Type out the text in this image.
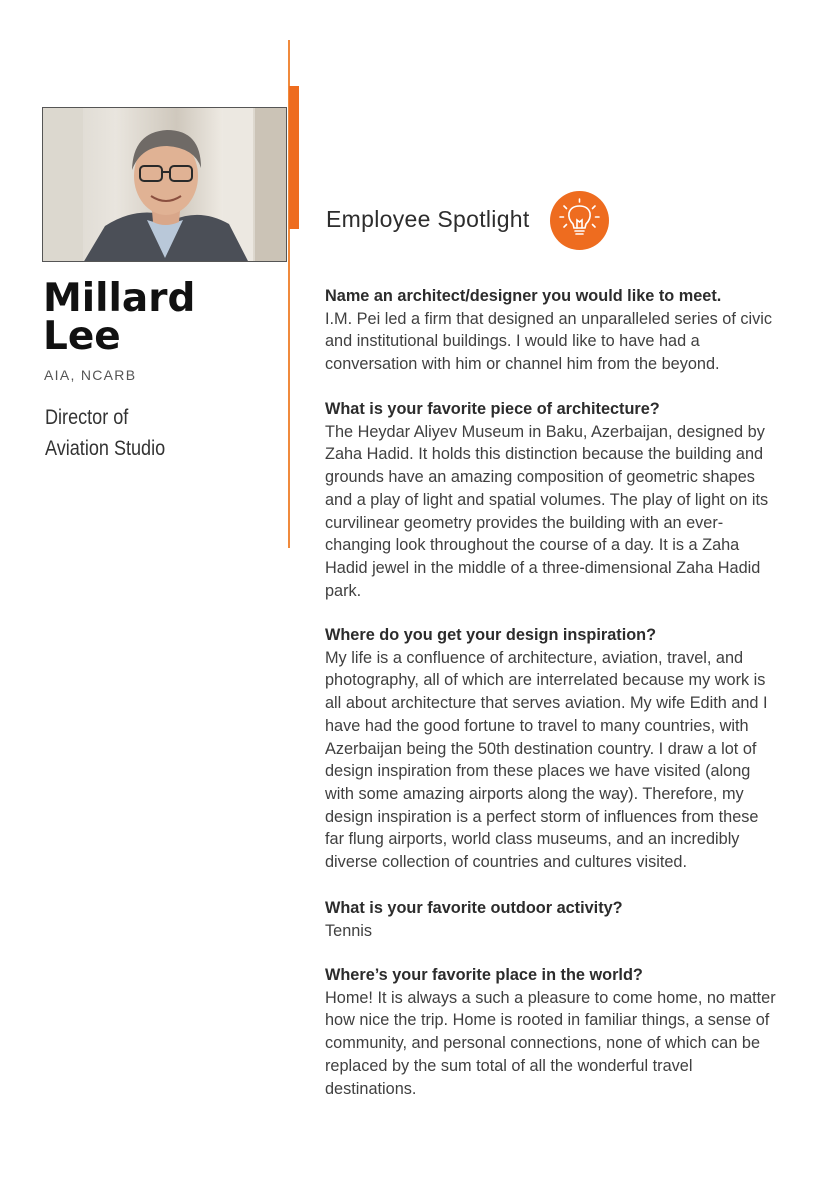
Millard
Lee
AIA, NCARB
Director of
Aviation Studio
Employee Spotlight
Name an architect/designer you would like to meet.
I.M. Pei led a firm that designed an unparalleled series of civic and institutional buildings. I would like to have had a conversation with him or channel him from the beyond.
What is your favorite piece of architecture?
The Heydar Aliyev Museum in Baku, Azerbaijan, designed by Zaha Hadid. It holds this distinction because the building and grounds have an amazing composition of geometric shapes and a play of light and spatial volumes. The play of light on its curvilinear geometry provides the building with an ever-changing look throughout the course of a day. It is a Zaha Hadid jewel in the middle of a three-dimensional Zaha Hadid park.
Where do you get your design inspiration?
My life is a confluence of architecture, aviation, travel, and photography, all of which are interrelated because my work is all about architecture that serves aviation. My wife Edith and I have had the good fortune to travel to many countries, with Azerbaijan being the 50th destination country. I draw a lot of design inspiration from these places we have visited (along with some amazing airports along the way). Therefore, my design inspiration is a perfect storm of influences from these far flung airports, world class museums, and an incredibly diverse collection of countries and cultures visited.
What is your favorite outdoor activity?
Tennis
Where’s your favorite place in the world?
Home! It is always a such a pleasure to come home, no matter how nice the trip. Home is rooted in familiar things, a sense of community, and personal connections, none of which can be replaced by the sum total of all the wonderful travel destinations.
